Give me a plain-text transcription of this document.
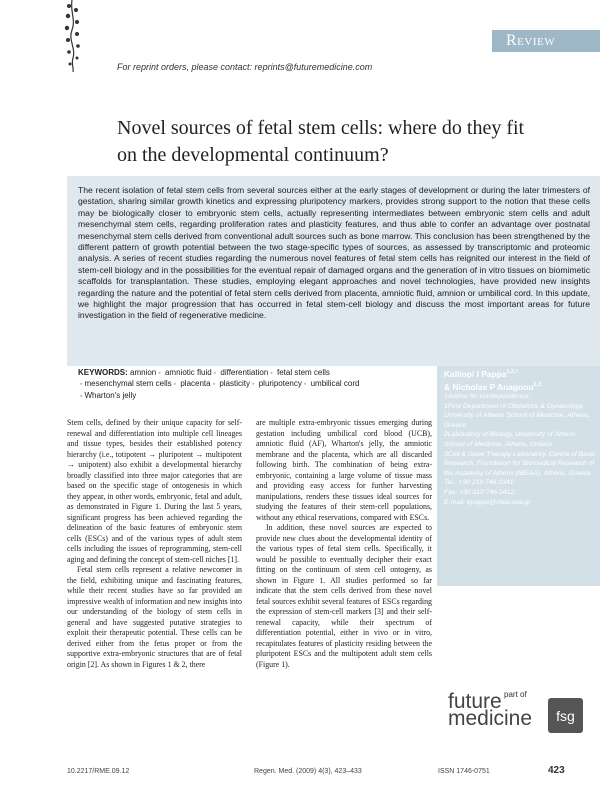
Review
For reprint orders, please contact: reprints@futuremedicine.com
Novel sources of fetal stem cells: where do they fit on the developmental continuum?
The recent isolation of fetal stem cells from several sources either at the early stages of development or during the later trimesters of gestation, sharing similar growth kinetics and expressing pluripotency markers, provides strong support to the notion that these cells may be biologically closer to embryonic stem cells, actually representing intermediates between embryonic stem cells and adult mesenchymal stem cells, regarding proliferation rates and plasticity features, and thus able to confer an advantage over postnatal mesenchymal stem cells derived from conventional adult sources such as bone marrow. This conclusion has been strengthened by the different pattern of growth potential between the two stage-specific types of sources, as assessed by transcriptomic and proteomic analysis. A series of recent studies regarding the numerous novel features of fetal stem cells has reignited our interest in the field of stem-cell biology and in the possibilities for the eventual repair of damaged organs and the generation of in vitro tissues on biomimetic scaffolds for transplantation. These studies, employing elegant approaches and novel technologies, have provided new insights regarding the nature and the potential of fetal stem cells derived from placenta, amniotic fluid, amnion or umbilical cord. In this update, we highlight the major progression that has occurred in fetal stem-cell biology and discuss the most important areas for future investigation in the field of regenerative medicine.
KEYWORDS: amnion ▪ amniotic fluid ▪ differentiation ▪ fetal stem cells
▪ mesenchymal stem cells ▪ placenta ▪ plasticity ▪ pluripotency ▪ umbilical cord
▪ Wharton's jelly
Kalliopi I Pappa$^{1,2,\dagger}$
& Nicholas P Anagnou$^{2,3}$
†Author for correspondence:
1First Department of Obstetrics & Gynecology, University of Athens School of Medicine, Athens, Greece
2Laboratory of Biology, University of Athens School of Medicine, Athens, Greece
3Cell & Gene Therapy Laboratory, Centre of Basic Research, Foundation for Biomedical Research of the Academy of Athens (IBEAA), Athens, Greece
Tel.: +30 210 746 2341;
Fax: +30 210 746 2412;
E-mail: kpappa@med.uoa.gr

Stem cells, defined by their unique capacity for self-renewal and differentiation into multiple cell lineages and tissue types, besides their established potency hierarchy (i.e., totipotent → pluripotent → multipotent → unipotent) also exhibit a developmental hierarchy broadly classified into three major categories that are based on the specific stage of ontogenesis in which they appear, in other words, embryonic, fetal and adult, as demonstrated in Figure 1. During the last 5 years, significant progress has been achieved regarding the delineation of the basic features of embryonic stem cells (ESCs) and of the various types of adult stem cells including the issues of reprogramming, stem-cell aging and defining the concept of stem-cell niches [1].

Fetal stem cells represent a relative newcomer in the field, exhibiting unique and fascinating features, while their recent studies have so far provided an impressive wealth of information and new insights into our understanding of the biology of stem cells in general and have suggested putative strategies to exploit their therapeutic potential. These cells can be derived either from the fetus proper or from the supportive extra-embryonic structures that are of fetal origin [2]. As shown in Figures 1 & 2, there

are multiple extra-embryonic tissues emerging during gestation including umbilical cord blood (UCB), amniotic fluid (AF), Wharton's jelly, the amniotic membrane and the placenta, which are all discarded following birth. The combination of being extra-embryonic, containing a large volume of tissue mass and providing easy access for further harvesting manipulations, renders these tissues ideal sources for studying the features of their stem-cell populations, without any ethical reservations, compared with ESCs.

In addition, these novel sources are expected to provide new clues about the developmental identity of the various types of fetal stem cells. Specifically, it would be possible to eventually decipher their exact fitting on the continuum of stem cell ontogeny, as shown in Figure 1. All studies performed so far indicate that the stem cells derived from these novel fetal sources exhibit several features of ESCs regarding the expression of stem-cell markers [3] and their self-renewal capacity, while their spectrum of differentiation potential, either in vivo or in vitro, recapitulates features of plasticity residing between the pluripotent ESCs and the multipotent adult stem cells (Figure 1).

part of
future
medicine fsg
10.2217/RME.09.12	Regen. Med. (2009) 4(3), 423–433	ISSN 1746-0751	423
